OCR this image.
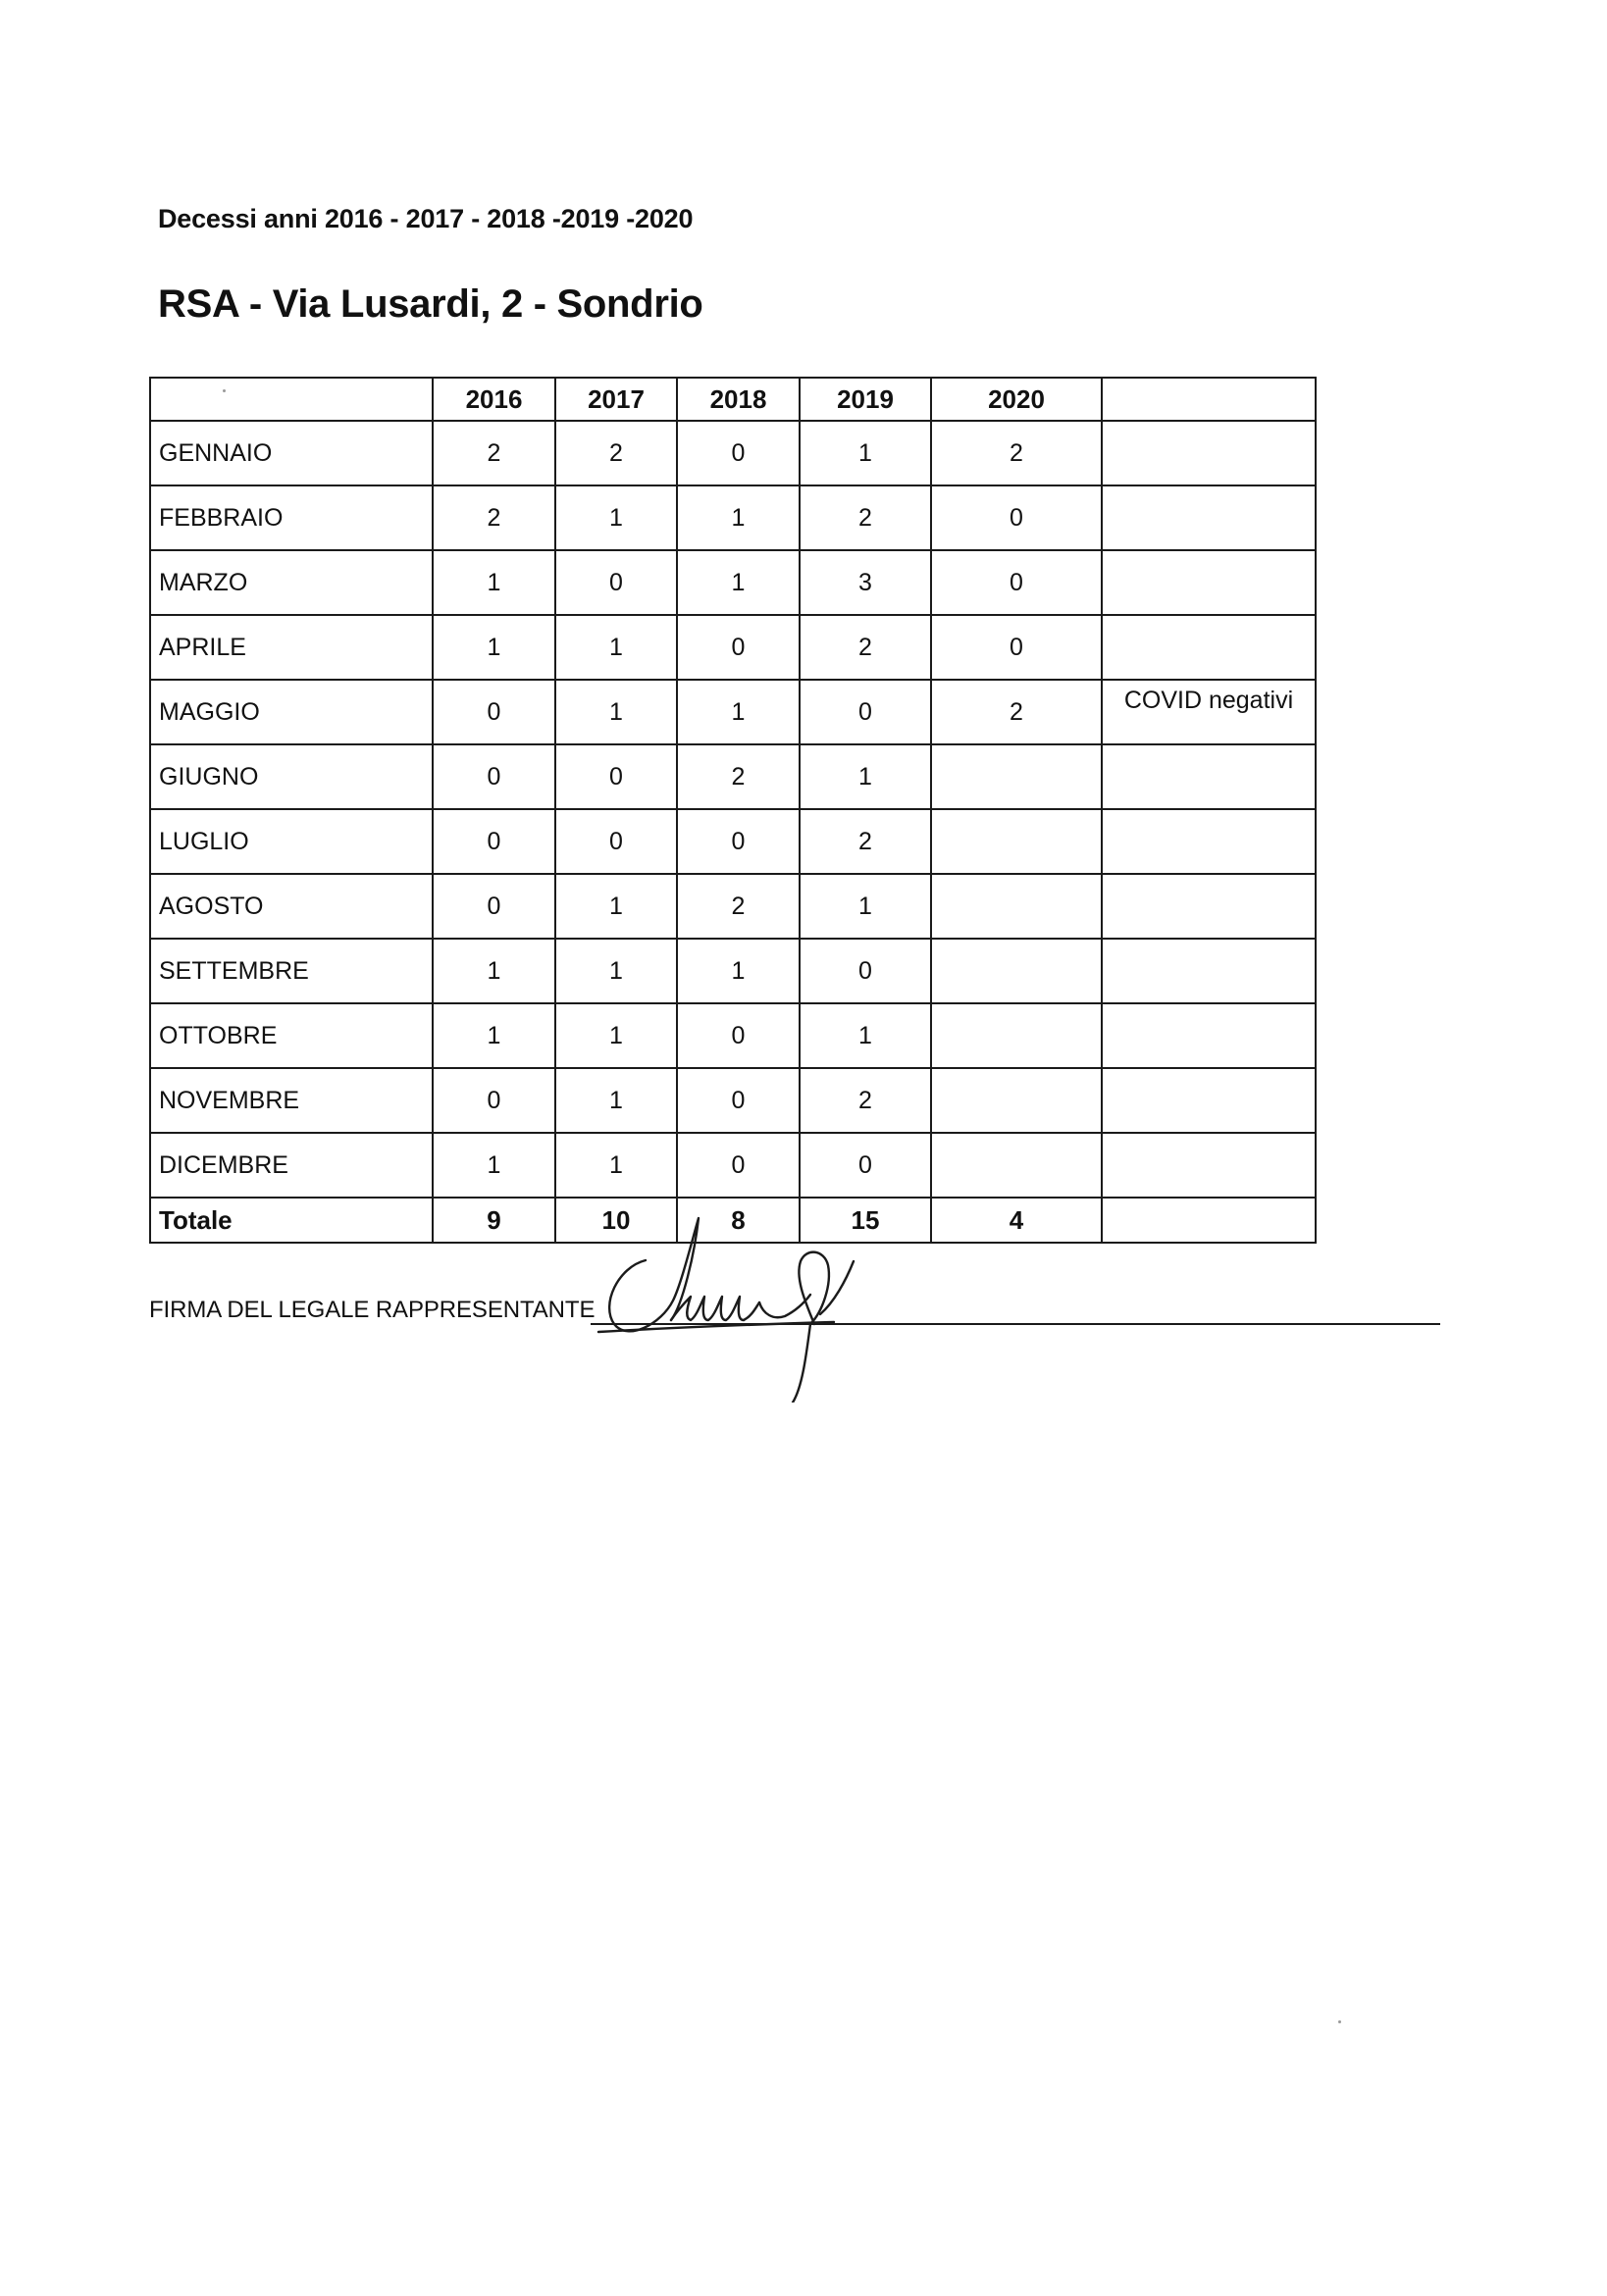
Decessi anni 2016 - 2017 - 2018 -2019 -2020

RSA - Via Lusardi, 2 - Sondrio

	2016	2017	2018	2019	2020	
GENNAIO	2	2	0	1	2	
FEBBRAIO	2	1	1	2	0	
MARZO	1	0	1	3	0	
APRILE	1	1	0	2	0	
MAGGIO	0	1	1	0	2	COVID negativi
GIUGNO	0	0	2	1		
LUGLIO	0	0	0	2		
AGOSTO	0	1	2	1		
SETTEMBRE	1	1	1	0		
OTTOBRE	1	1	0	1		
NOVEMBRE	0	1	0	2		
DICEMBRE	1	1	0	0		
Totale	9	10	8	15	4	
FIRMA DEL LEGALE RAPPRESENTANTE
